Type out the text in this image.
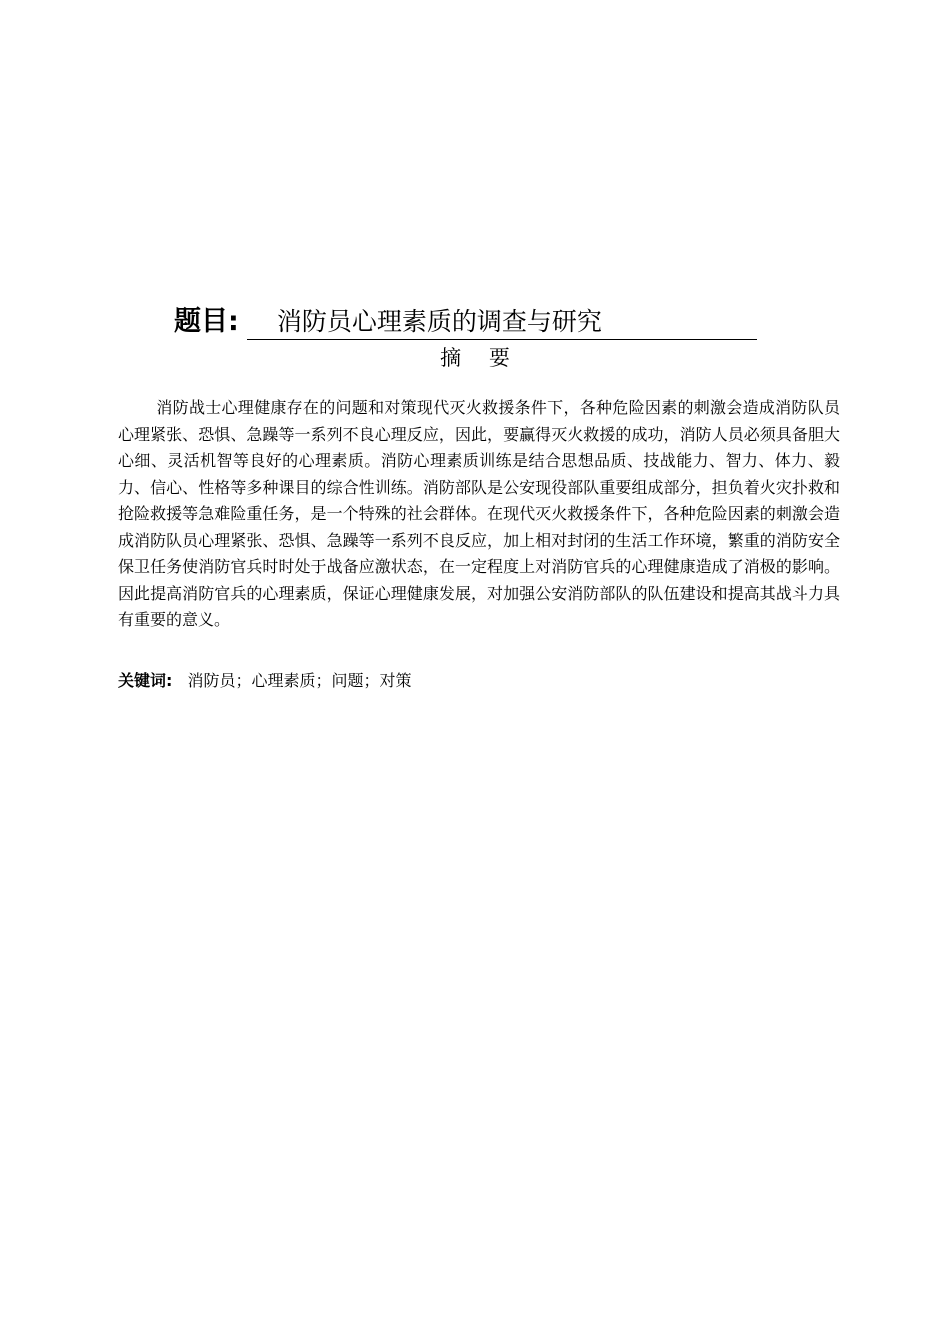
题目:	消防员心理素质的调查与研究
摘 要

消防战士心理健康存在的问题和对策现代灭火救援条件下，各种危险因素的刺激会造成消防队员心理紧张、恐惧、急躁等一系列不良心理反应，因此，要赢得灭火救援的成功，消防人员必须具备胆大心细、灵活机智等良好的心理素质。消防心理素质训练是结合思想品质、技战能力、智力、体力、毅力、信心、性格等多种课目的综合性训练。消防部队是公安现役部队重要组成部分，担负着火灾扑救和抢险救援等急难险重任务，是一个特殊的社会群体。在现代灭火救援条件下，各种危险因素的刺激会造成消防队员心理紧张、恐惧、急躁等一系列不良反应，加上相对封闭的生活工作环境，繁重的消防安全保卫任务使消防官兵时时处于战备应激状态，在一定程度上对消防官兵的心理健康造成了消极的影响。因此提高消防官兵的心理素质，保证心理健康发展，对加强公安消防部队的队伍建设和提高其战斗力具有重要的意义。

关键词: 消防员；心理素质；问题；对策
